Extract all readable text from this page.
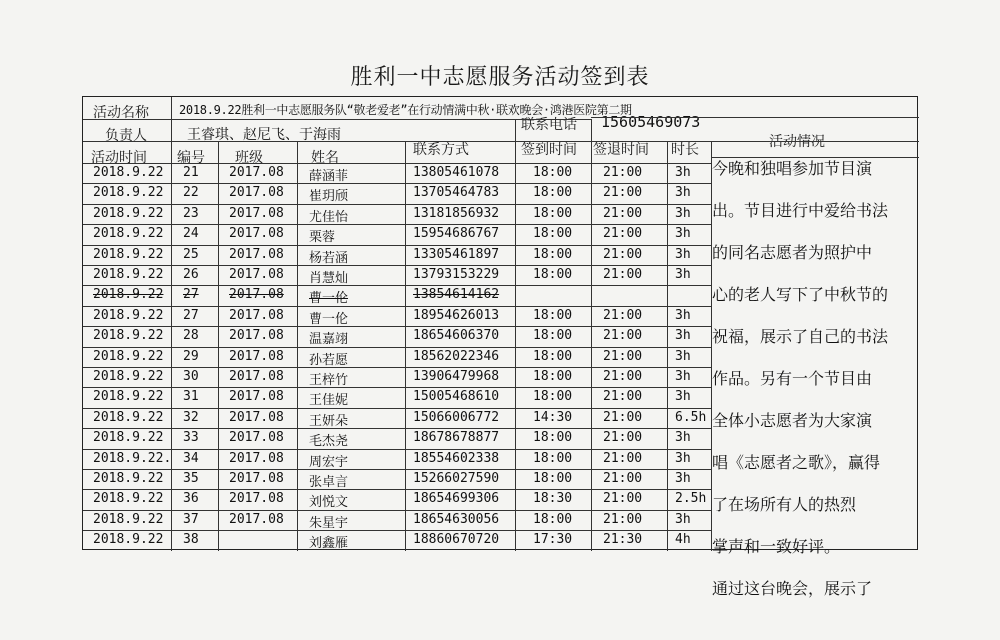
胜利一中志愿服务活动签到表
活动名称	2018.9.22胜利一中志愿服务队“敬老爱老”在行动情满中秋·联欢晚会·鸿港医院第二期
负责人	王睿琪、赵尼飞、于海雨
联系电话 15605469073
活动时间 编号 班级	姓名	联系方式	签到时间 签退时间 时长	活动情况
2018.9.22 21 2017.08 薛涵菲	13805461078	18:00 21:00	3h
2018.9.22 22 2017.08 崔玥颀	13705464783	18:00 21:00	3h
2018.9.22 23 2017.08 尤佳怡	13181856932	18:00 21:00	3h
2018.9.22 24 2017.08 栗蓉	15954686767	18:00 21:00	3h
2018.9.22 25 2017.08 杨若涵	13305461897	18:00 21:00	3h
2018.9.22 26 2017.08 肖慧灿	13793153229	18:00 21:00	3h
2018.9.22 27 2017.08 曹一伦	13854614162
2018.9.22 27 2017.08 曹一伦	18954626013	18:00 21:00	3h
2018.9.22 28 2017.08 温嘉翊	18654606370	18:00 21:00	3h
2018.9.22 29 2017.08 孙若愿	18562022346	18:00 21:00	3h
2018.9.22 30 2017.08 王梓竹	13906479968	18:00 21:00	3h
2018.9.22 31 2017.08 王佳妮	15005468610	18:00 21:00	3h
2018.9.22 32 2017.08 王妍朵	15066006772	14:30 21:00	6.5h
2018.9.22 33 2017.08 毛杰尧	18678678877	18:00 21:00	3h
2018.9.22. 34 2017.08 周宏宇	18554602338	18:00 21:00	3h
2018.9.22 35 2017.08 张卓言	15266027590	18:00 21:00	3h
2018.9.22 36 2017.08 刘悦文	18654699306	18:30 21:00	2.5h
2018.9.22 37 2017.08 朱星宇	18654630056	18:00 21:00	3h
2018.9.22 38	刘鑫雁	18860670720	17:30 21:30	4h
今晚和独唱参加节目演
出。节目进行中爱给书法
的同名志愿者为照护中
心的老人写下了中秋节的
祝福，展示了自己的书法
作品。另有一个节目由
全体小志愿者为大家演
唱《志愿者之歌》，赢得
了在场所有人的热烈
掌声和一致好评。
通过这台晚会，展示了
